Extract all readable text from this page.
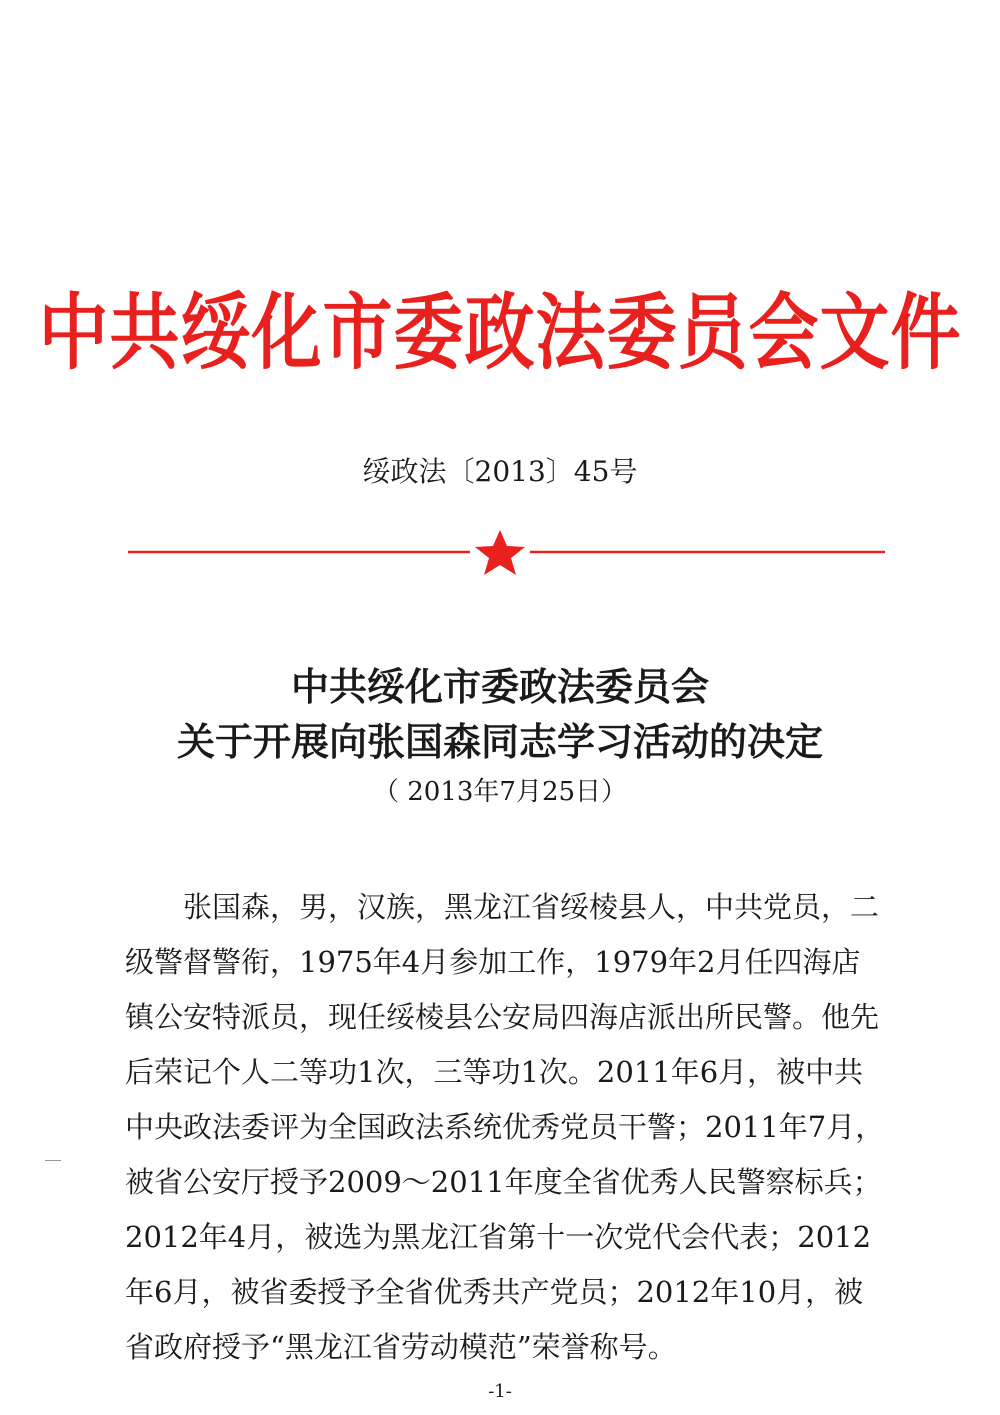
中共绥化市委政法委员会文件
绥政法〔2013〕45号
中共绥化市委政法委员会
关于开展向张国森同志学习活动的决定
（ 2013年7月25日）
张国森，男，汉族，黑龙江省绥棱县人，中共党员，二
级警督警衔，1975年4月参加工作，1979年2月任四海店
镇公安特派员，现任绥棱县公安局四海店派出所民警。他先
后荣记个人二等功1次，三等功1次。2011年6月，被中共
中央政法委评为全国政法系统优秀党员干警；2011年7月，
被省公安厅授予2009～2011年度全省优秀人民警察标兵；
2012年4月，被选为黑龙江省第十一次党代会代表；2012
年6月，被省委授予全省优秀共产党员；2012年10月，被
省政府授予“黑龙江省劳动模范”荣誉称号。
-1-
